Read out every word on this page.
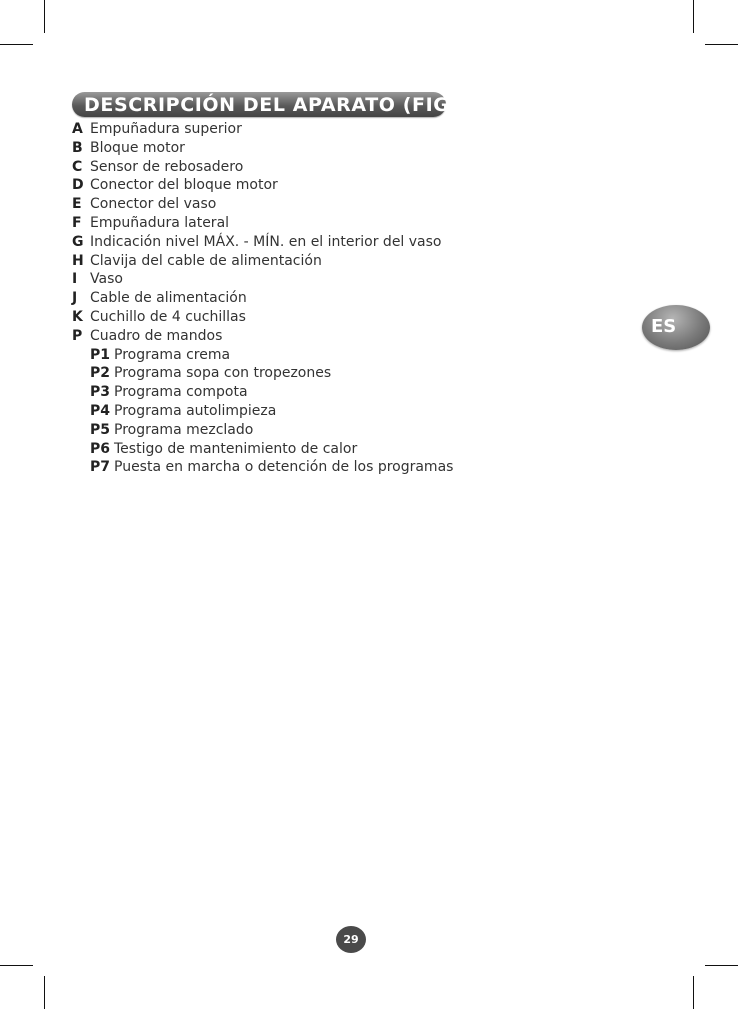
DESCRIPCIÓN DEL APARATO (FIG 1)
A Empuñadura superior
B Bloque motor
C Sensor de rebosadero
D Conector del bloque motor
E Conector del vaso
F Empuñadura lateral
G Indicación nivel MÁX. - MÍN. en el interior del vaso
H Clavija del cable de alimentación
I Vaso
J Cable de alimentación
K Cuchillo de 4 cuchillas
P Cuadro de mandos
P1 Programa crema
P2 Programa sopa con tropezones
P3 Programa compota
P4 Programa autolimpieza
P5 Programa mezclado
P6 Testigo de mantenimiento de calor
P7 Puesta en marcha o detención de los programas
ES
29
